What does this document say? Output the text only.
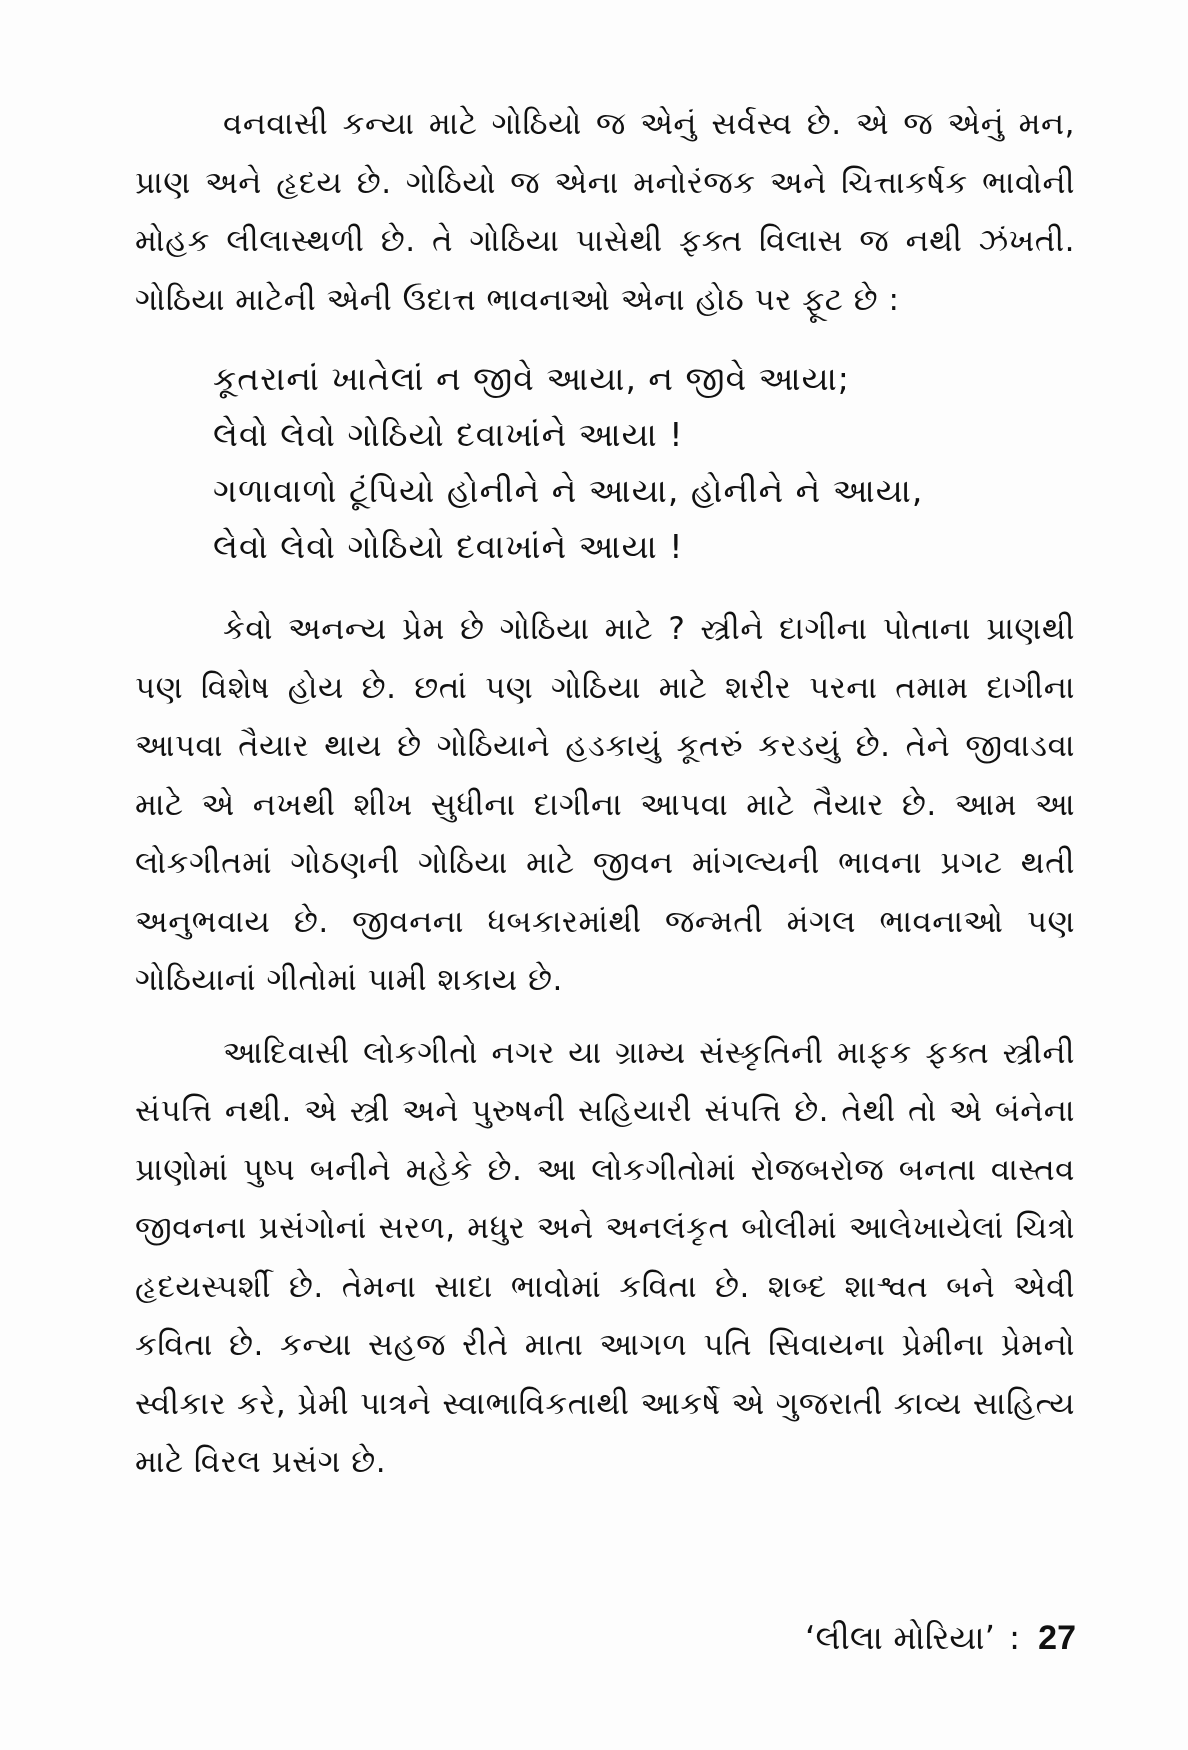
વનવાસી કન્યા માટે ગોઠિયો જ એનું સર્વસ્વ છે. એ જ એનું મન, પ્રાણ અને હૃદય છે. ગોઠિયો જ એના મનોરંજક અને ચિત્તાકર્ષક ભાવોની મોહક લીલાસ્થળી છે. તે ગોઠિયા પાસેથી ફક્ત વિલાસ જ નથી ઝંખતી. ગોઠિયા માટેની એની ઉદાત્ત ભાવનાઓ એના હોઠ પર ફૂટ છે :

કૂતરાનાં ખાતેલાં ન જીવે આયા, ન જીવે આયા;
લેવો લેવો ગોઠિયો દવાખાંને આયા !
ગળાવાળો ટૂંપિયો હોનીને ને આયા, હોનીને ને આયા,
લેવો લેવો ગોઠિયો દવાખાંને આયા !

કેવો અનન્ય પ્રેમ છે ગોઠિયા માટે ? સ્ત્રીને દાગીના પોતાના પ્રાણથી પણ વિશેષ હોય છે. છતાં પણ ગોઠિયા માટે શરીર પરના તમામ દાગીના આપવા તૈયાર થાય છે ગોઠિયાને હડકાયું કૂતરું કરડયું છે. તેને જીવાડવા માટે એ નખથી શીખ સુધીના દાગીના આપવા માટે તૈયાર છે. આમ આ લોકગીતમાં ગોઠણની ગોઠિયા માટે જીવન માંગલ્યની ભાવના પ્રગટ થતી અનુભવાય છે. જીવનના ધબકારમાંથી જન્મતી મંગલ ભાવનાઓ પણ ગોઠિયાનાં ગીતોમાં પામી શકાય છે.

આદિવાસી લોકગીતો નગર યા ગ્રામ્ય સંસ્કૃતિની માફક ફક્ત સ્ત્રીની સંપત્તિ નથી. એ સ્ત્રી અને પુરુષની સહિયારી સંપત્તિ છે. તેથી તો એ બંનેના પ્રાણોમાં પુષ્પ બનીને મહેકે છે. આ લોકગીતોમાં રોજબરોજ બનતા વાસ્તવ જીવનના પ્રસંગોનાં સરળ, મધુર અને અનલંકૃત બોલીમાં આલેખાયેલાં ચિત્રો હૃદયસ્પર્શી છે. તેમના સાદા ભાવોમાં કવિતા છે. શબ્દ શાશ્વત બને એવી કવિતા છે. કન્યા સહજ રીતે માતા આગળ પતિ સિવાયના પ્રેમીના પ્રેમનો સ્વીકાર કરે, પ્રેમી પાત્રને સ્વાભાવિકતાથી આકર્ષે એ ગુજરાતી કાવ્ય સાહિત્ય માટે વિરલ પ્રસંગ છે.

‘લીલા મોરિયા’ : 27
